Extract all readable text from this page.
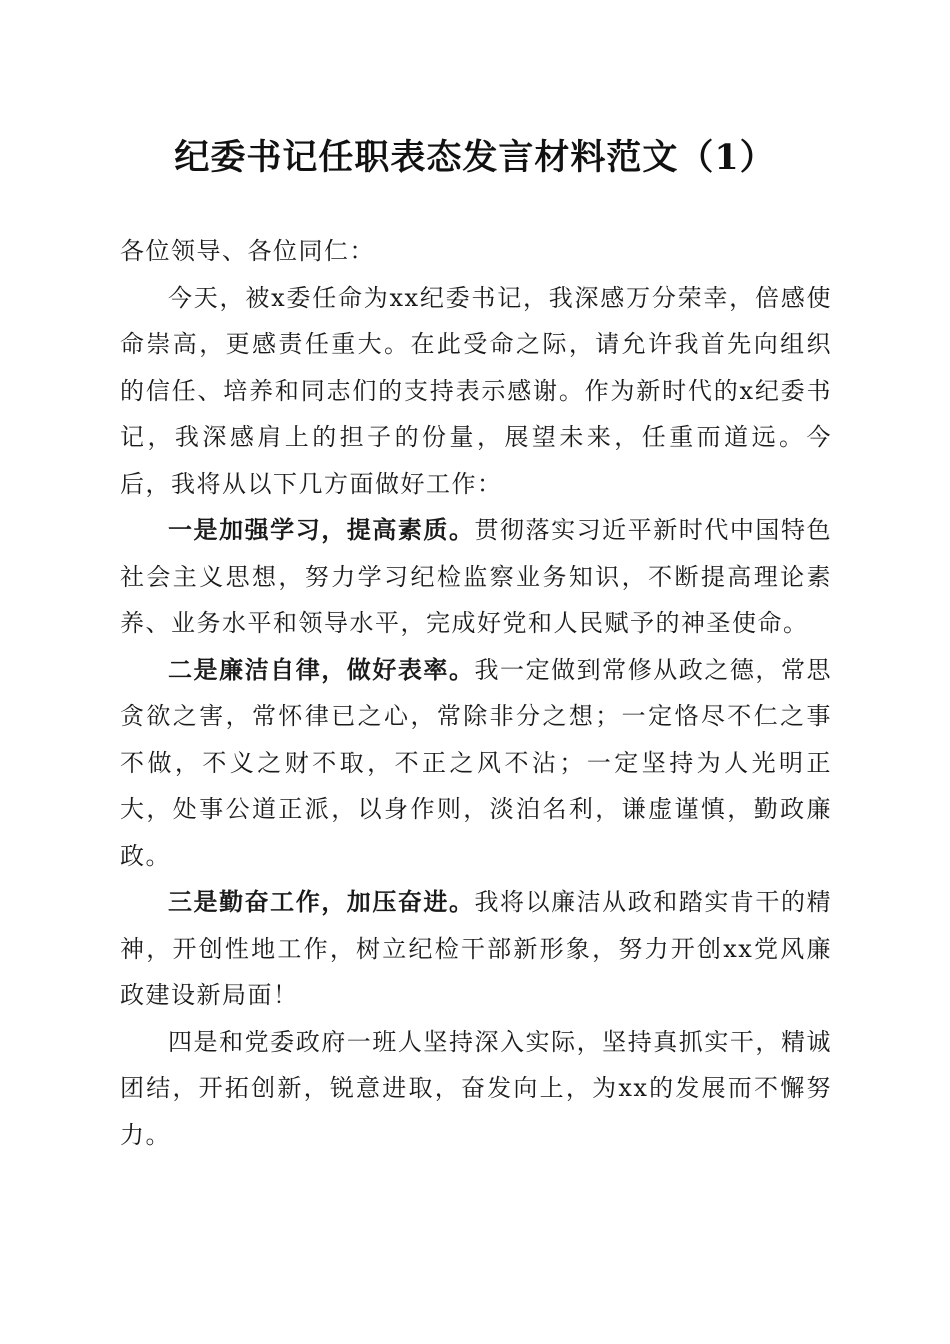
纪委书记任职表态发言材料范文（1）

各位领导、各位同仁：

今天，被x委任命为xx纪委书记，我深感万分荣幸，倍感使命崇高，更感责任重大。在此受命之际，请允许我首先向组织的信任、培养和同志们的支持表示感谢。作为新时代的x纪委书记，我深感肩上的担子的份量，展望未来，任重而道远。今后，我将从以下几方面做好工作：

一是加强学习，提高素质。贯彻落实习近平新时代中国特色社会主义思想，努力学习纪检监察业务知识，不断提高理论素养、业务水平和领导水平，完成好党和人民赋予的神圣使命。

二是廉洁自律，做好表率。我一定做到常修从政之德，常思贪欲之害，常怀律已之心，常除非分之想；一定恪尽不仁之事不做，不义之财不取，不正之风不沾；一定坚持为人光明正大，处事公道正派，以身作则，淡泊名利，谦虚谨慎，勤政廉政。

三是勤奋工作，加压奋进。我将以廉洁从政和踏实肯干的精神，开创性地工作，树立纪检干部新形象，努力开创xx党风廉政建设新局面！

四是和党委政府一班人坚持深入实际，坚持真抓实干，精诚团结，开拓创新，锐意进取，奋发向上，为xx的发展而不懈努力。
